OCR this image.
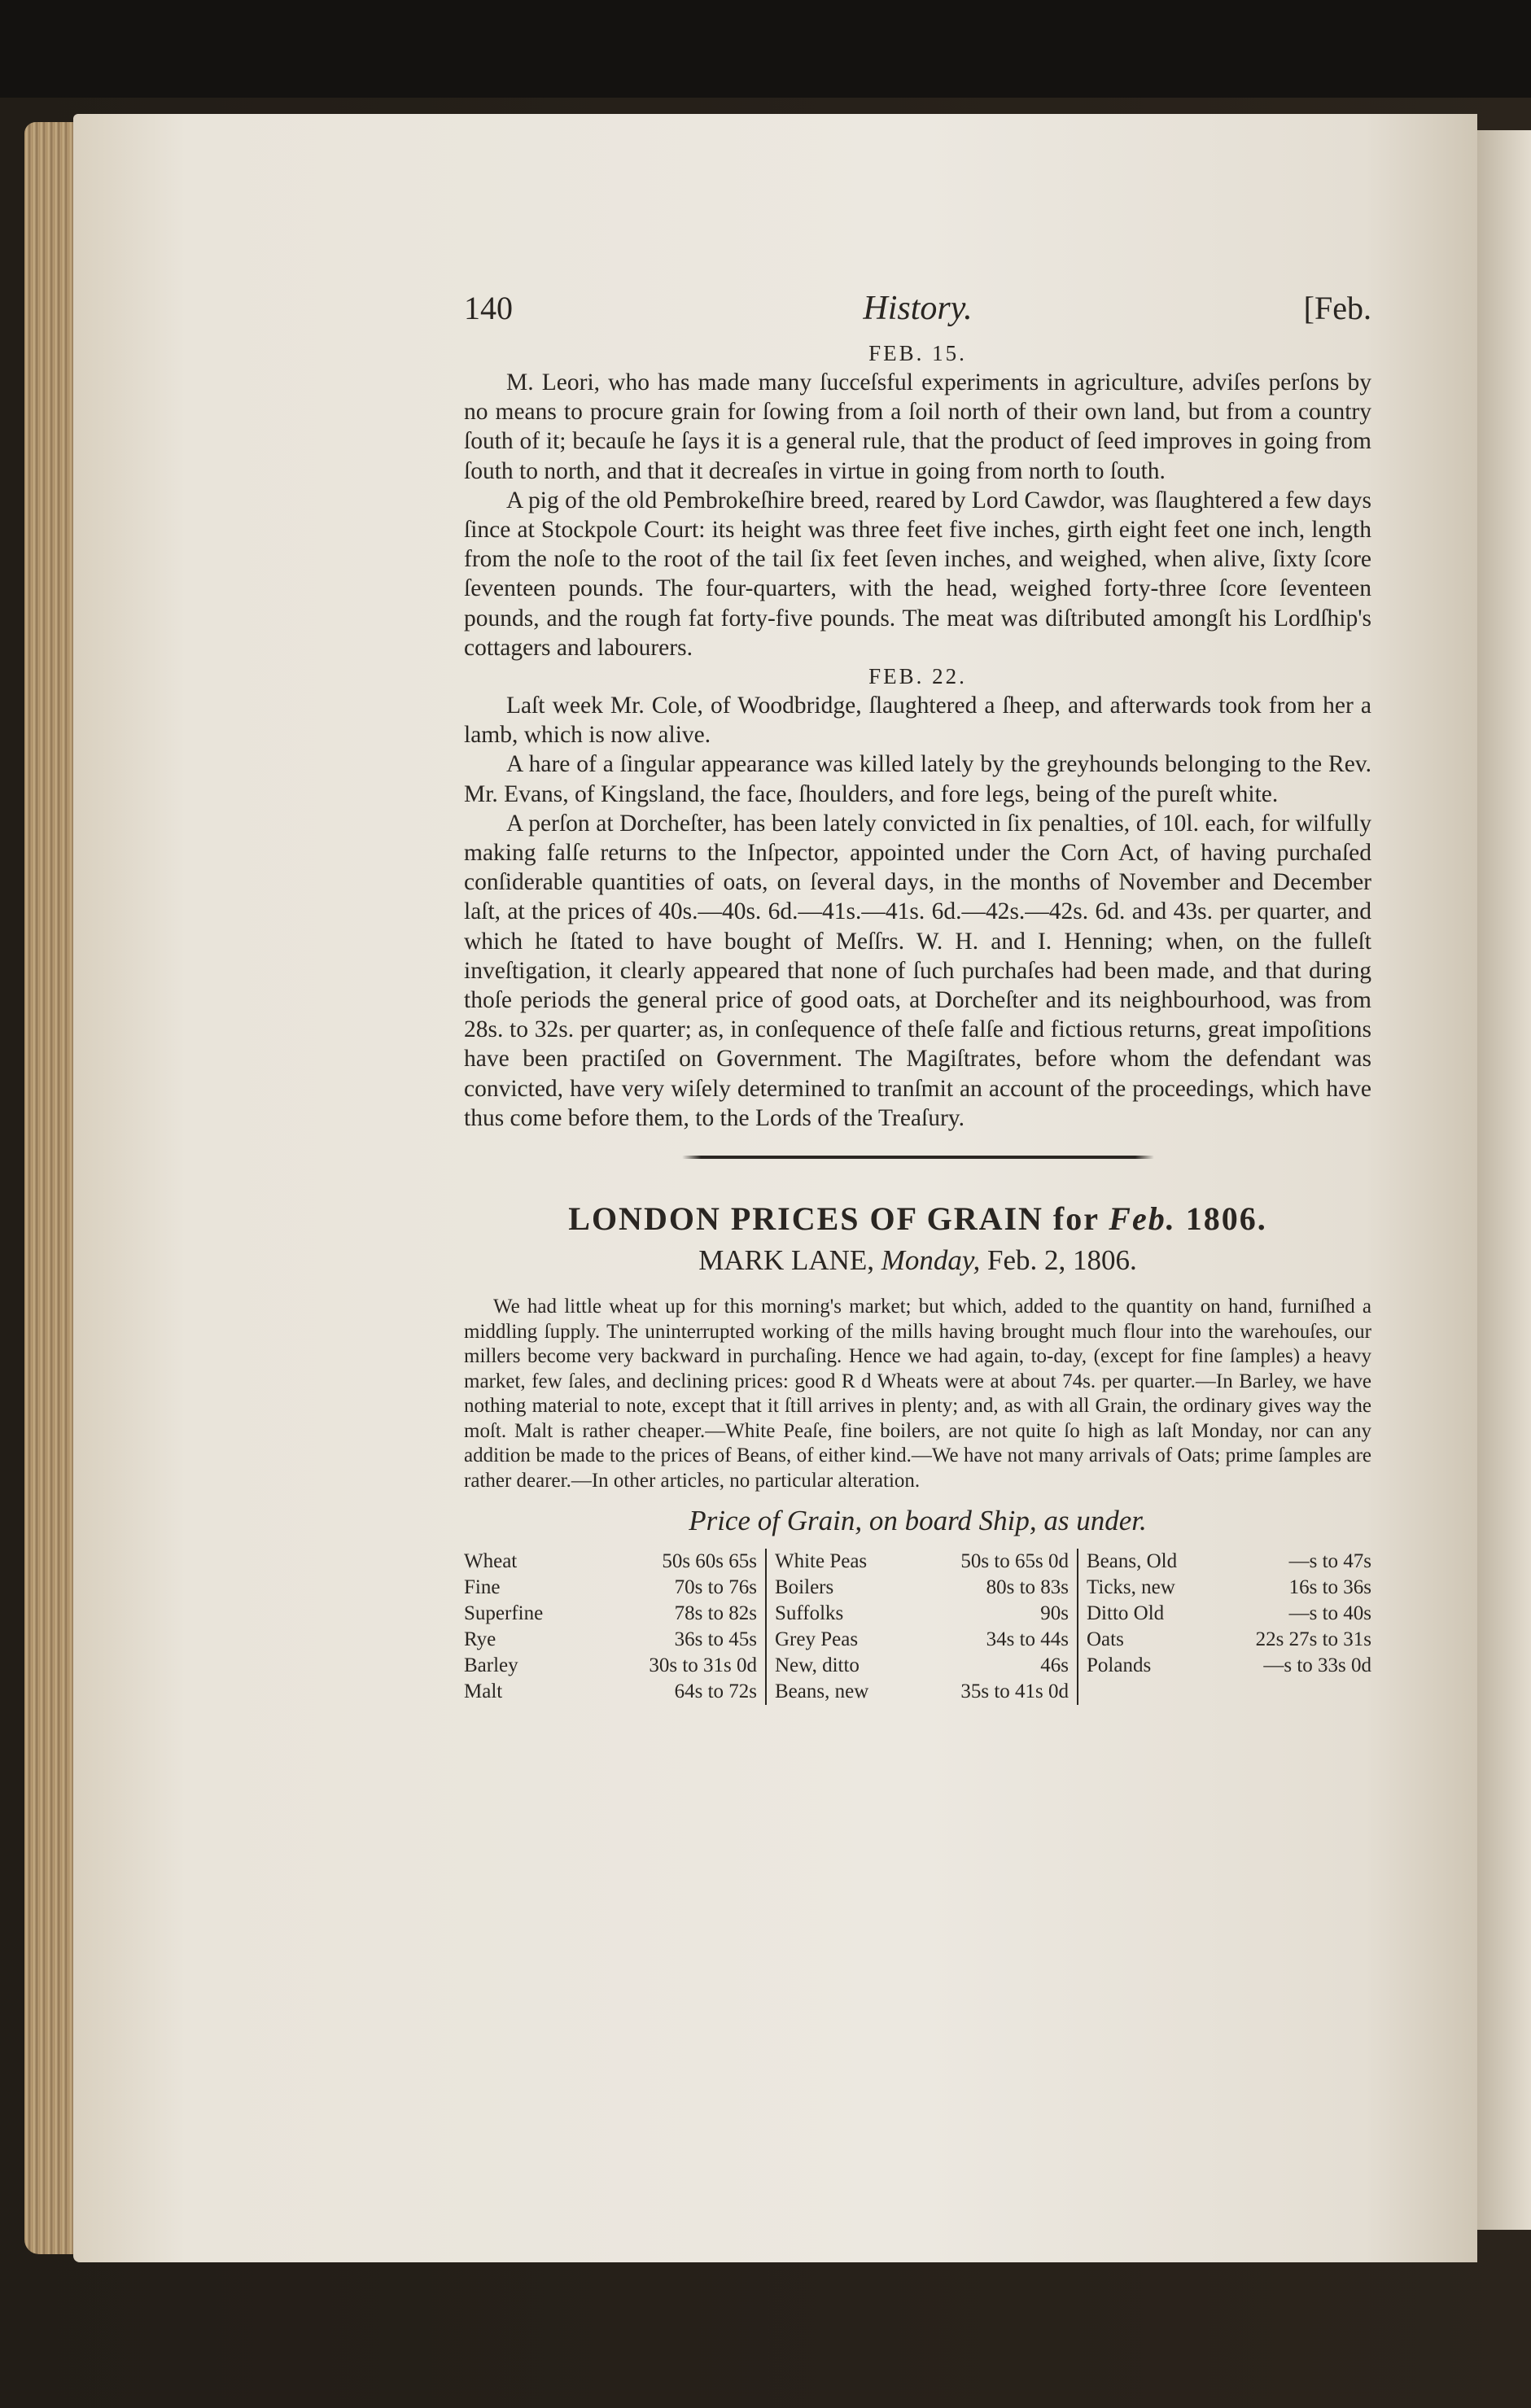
140	History.	[Feb.
FEB. 15.

M. Leori, who has made many ſucceſsful experiments in agriculture, adviſes perſons by no means to procure grain for ſowing from a ſoil north of their own land, but from a country ſouth of it; becauſe he ſays it is a general rule, that the product of ſeed improves in going from ſouth to north, and that it decreaſes in virtue in going from north to ſouth.

A pig of the old Pembrokeſhire breed, reared by Lord Cawdor, was ſlaughtered a few days ſince at Stockpole Court: its height was three feet five inches, girth eight feet one inch, length from the noſe to the root of the tail ſix feet ſeven inches, and weighed, when alive, ſixty ſcore ſeventeen pounds. The four-quarters, with the head, weighed forty-three ſcore ſeventeen pounds, and the rough fat forty-five pounds. The meat was diſtributed amongſt his Lordſhip's cottagers and labourers.

FEB. 22.

Laſt week Mr. Cole, of Woodbridge, ſlaughtered a ſheep, and afterwards took from her a lamb, which is now alive.

A hare of a ſingular appearance was killed lately by the greyhounds belonging to the Rev. Mr. Evans, of Kingsland, the face, ſhoulders, and fore legs, being of the pureſt white.

A perſon at Dorcheſter, has been lately convicted in ſix penalties, of 10l. each, for wilfully making falſe returns to the Inſpector, appointed under the Corn Act, of having purchaſed conſiderable quantities of oats, on ſeveral days, in the months of November and December laſt, at the prices of 40s.—40s. 6d.—41s.—41s. 6d.—42s.—42s. 6d. and 43s. per quarter, and which he ſtated to have bought of Meſſrs. W. H. and I. Henning; when, on the fulleſt inveſtigation, it clearly appeared that none of ſuch purchaſes had been made, and that during thoſe periods the general price of good oats, at Dorcheſter and its neighbourhood, was from 28s. to 32s. per quarter; as, in conſequence of theſe falſe and fictious returns, great impoſitions have been practiſed on Government. The Magiſtrates, before whom the defendant was convicted, have very wiſely determined to tranſmit an account of the proceedings, which have thus come before them, to the Lords of the Treaſury.

LONDON PRICES OF GRAIN for Feb. 1806.
MARK LANE, Monday, Feb. 2, 1806.

We had little wheat up for this morning's market; but which, added to the quantity on hand, furniſhed a middling ſupply. The uninterrupted working of the mills having brought much flour into the warehouſes, our millers become very backward in purchaſing. Hence we had again, to-day, (except for fine ſamples) a heavy market, few ſales, and declining prices: good R d Wheats were at about 74s. per quarter.—In Barley, we have nothing material to note, except that it ſtill arrives in plenty; and, as with all Grain, the ordinary gives way the moſt. Malt is rather cheaper.—White Peaſe, fine boilers, are not quite ſo high as laſt Monday, nor can any addition be made to the prices of Beans, of either kind.—We have not many arrivals of Oats; prime ſamples are rather dearer.—In other articles, no particular alteration.

Price of Grain, on board Ship, as under.
Wheat	50s 60s 65s
Fine	70s to 76s
Superfine	78s to 82s
Rye	36s to 45s
Barley	30s to 31s 0d
Malt	64s to 72s
White Peas	50s to 65s 0d
Boilers	80s to 83s
Suffolks	90s
Grey Peas	34s to 44s
New, ditto	46s
Beans, new	35s to 41s 0d
Beans, Old	—s to 47s
Ticks, new	16s to 36s
Ditto Old	—s to 40s
Oats	22s 27s to 31s
Polands	—s to 33s 0d
